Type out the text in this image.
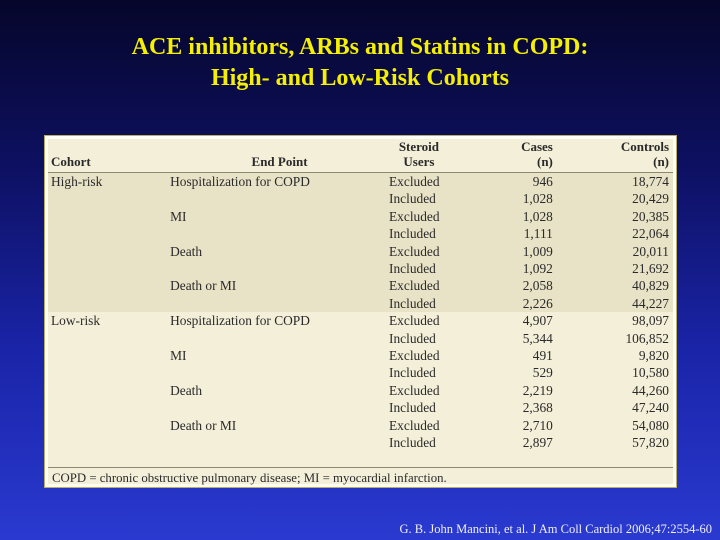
ACE inhibitors, ARBs and Statins in COPD:
High- and Low-Risk Cohorts
		Steroid	Cases	Controls
Cohort	End Point	Users	(n)	(n)
High-risk	Hospitalization for COPD	Excluded	946	18,774
		Included	1,028	20,429
	MI	Excluded	1,028	20,385
		Included	1,111	22,064
	Death	Excluded	1,009	20,011
		Included	1,092	21,692
	Death or MI	Excluded	2,058	40,829
		Included	2,226	44,227
Low-risk	Hospitalization for COPD	Excluded	4,907	98,097
		Included	5,344	106,852
	MI	Excluded	491	9,820
		Included	529	10,580
	Death	Excluded	2,219	44,260
		Included	2,368	47,240
	Death or MI	Excluded	2,710	54,080
		Included	2,897	57,820
COPD = chronic obstructive pulmonary disease; MI = myocardial infarction.
G. B. John Mancini, et al. J Am Coll Cardiol 2006;47:2554-60
